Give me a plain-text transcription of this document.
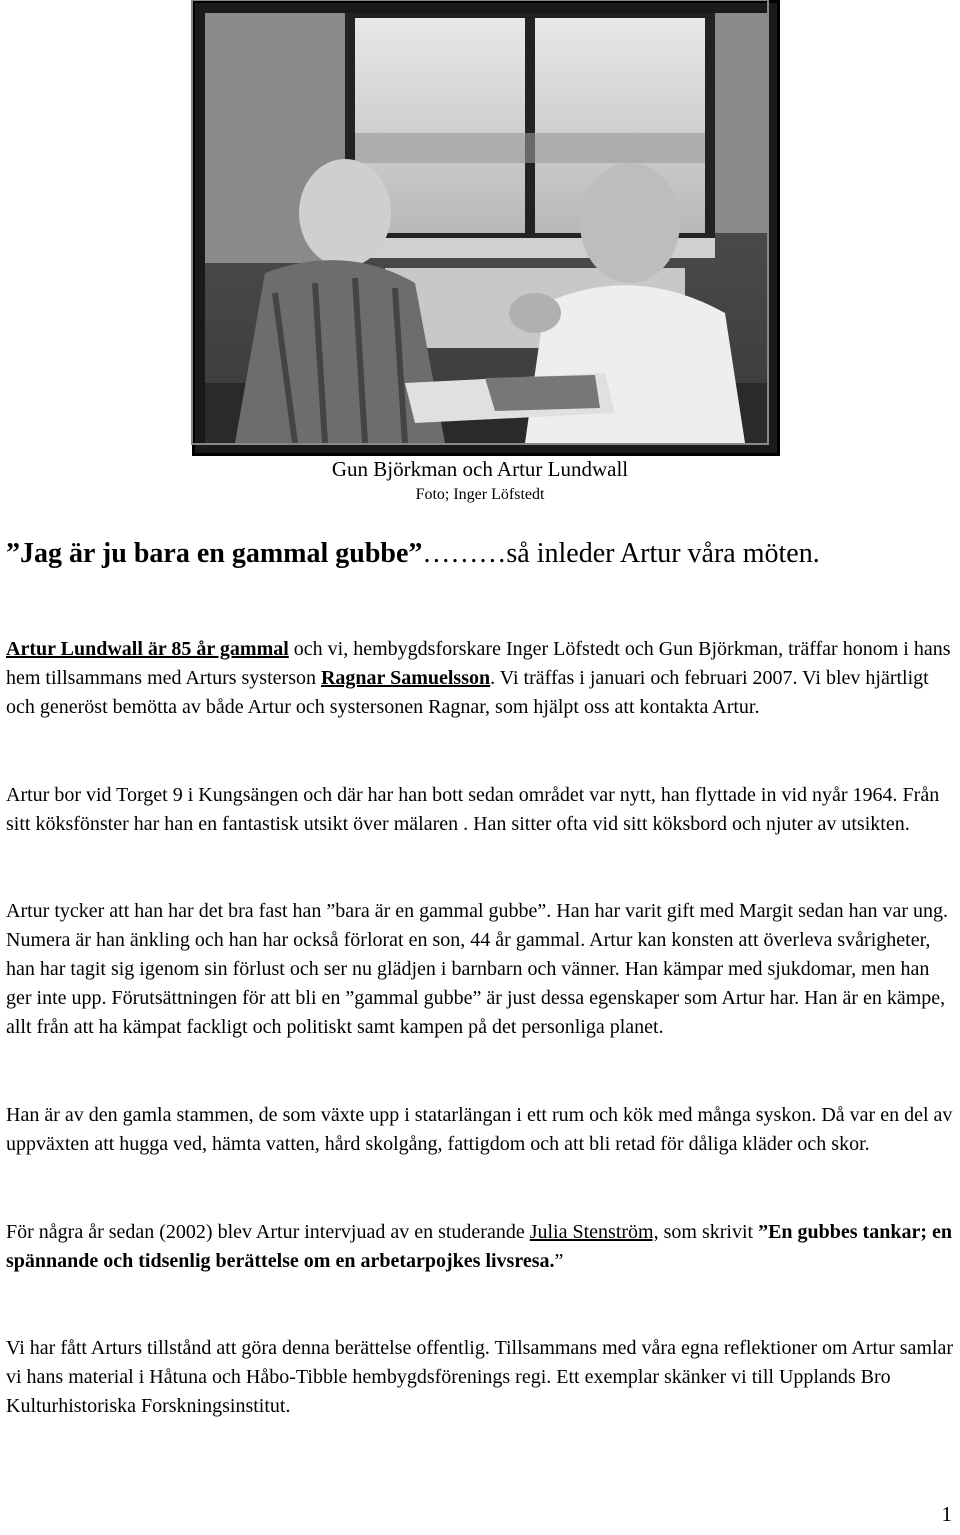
Gun Björkman och Artur Lundwall
Foto; Inger Löfstedt
”Jag är ju bara en gammal gubbe”………så inleder Artur våra möten.
Artur Lundwall är 85 år gammal och vi, hembygdsforskare Inger Löfstedt och Gun Björkman, träffar honom i hans hem tillsammans med Arturs systerson Ragnar Samuelsson. Vi träffas i januari och februari 2007. Vi blev hjärtligt och generöst bemötta av både Artur och systersonen Ragnar, som hjälpt oss att kontakta Artur.
Artur bor vid Torget 9 i Kungsängen och där har han bott sedan området var nytt, han flyttade in vid nyår 1964. Från sitt köksfönster har han en fantastisk utsikt över mälaren . Han sitter ofta vid sitt köksbord och njuter av utsikten.
Artur tycker att han har det bra fast han ”bara är en gammal gubbe”. Han har varit gift med Margit sedan han var ung. Numera är han änkling och han har också förlorat en son, 44 år gammal. Artur kan konsten att överleva svårigheter, han har tagit sig igenom sin förlust och ser nu glädjen i barnbarn och vänner. Han kämpar med sjukdomar, men han ger inte upp. Förutsättningen för att bli en ”gammal gubbe” är just dessa egenskaper som Artur har. Han är en kämpe, allt från att ha kämpat fackligt och politiskt samt kampen på det personliga planet.
Han är av den gamla stammen, de som växte upp i statarlängan i ett rum och kök med många syskon. Då var en del av uppväxten att hugga ved, hämta vatten, hård skolgång, fattigdom och att bli retad för dåliga kläder och skor.
För några år sedan (2002) blev Artur intervjuad av en studerande Julia Stenström, som skrivit ”En gubbes tankar; en spännande och tidsenlig berättelse om en arbetarpojkes livsresa.”
Vi har fått Arturs tillstånd att göra denna berättelse offentlig. Tillsammans med våra egna reflektioner om Artur samlar vi hans material i Håtuna och Håbo-Tibble hembygdsförenings regi. Ett exemplar skänker vi till Upplands Bro Kulturhistoriska Forskningsinstitut.
1
